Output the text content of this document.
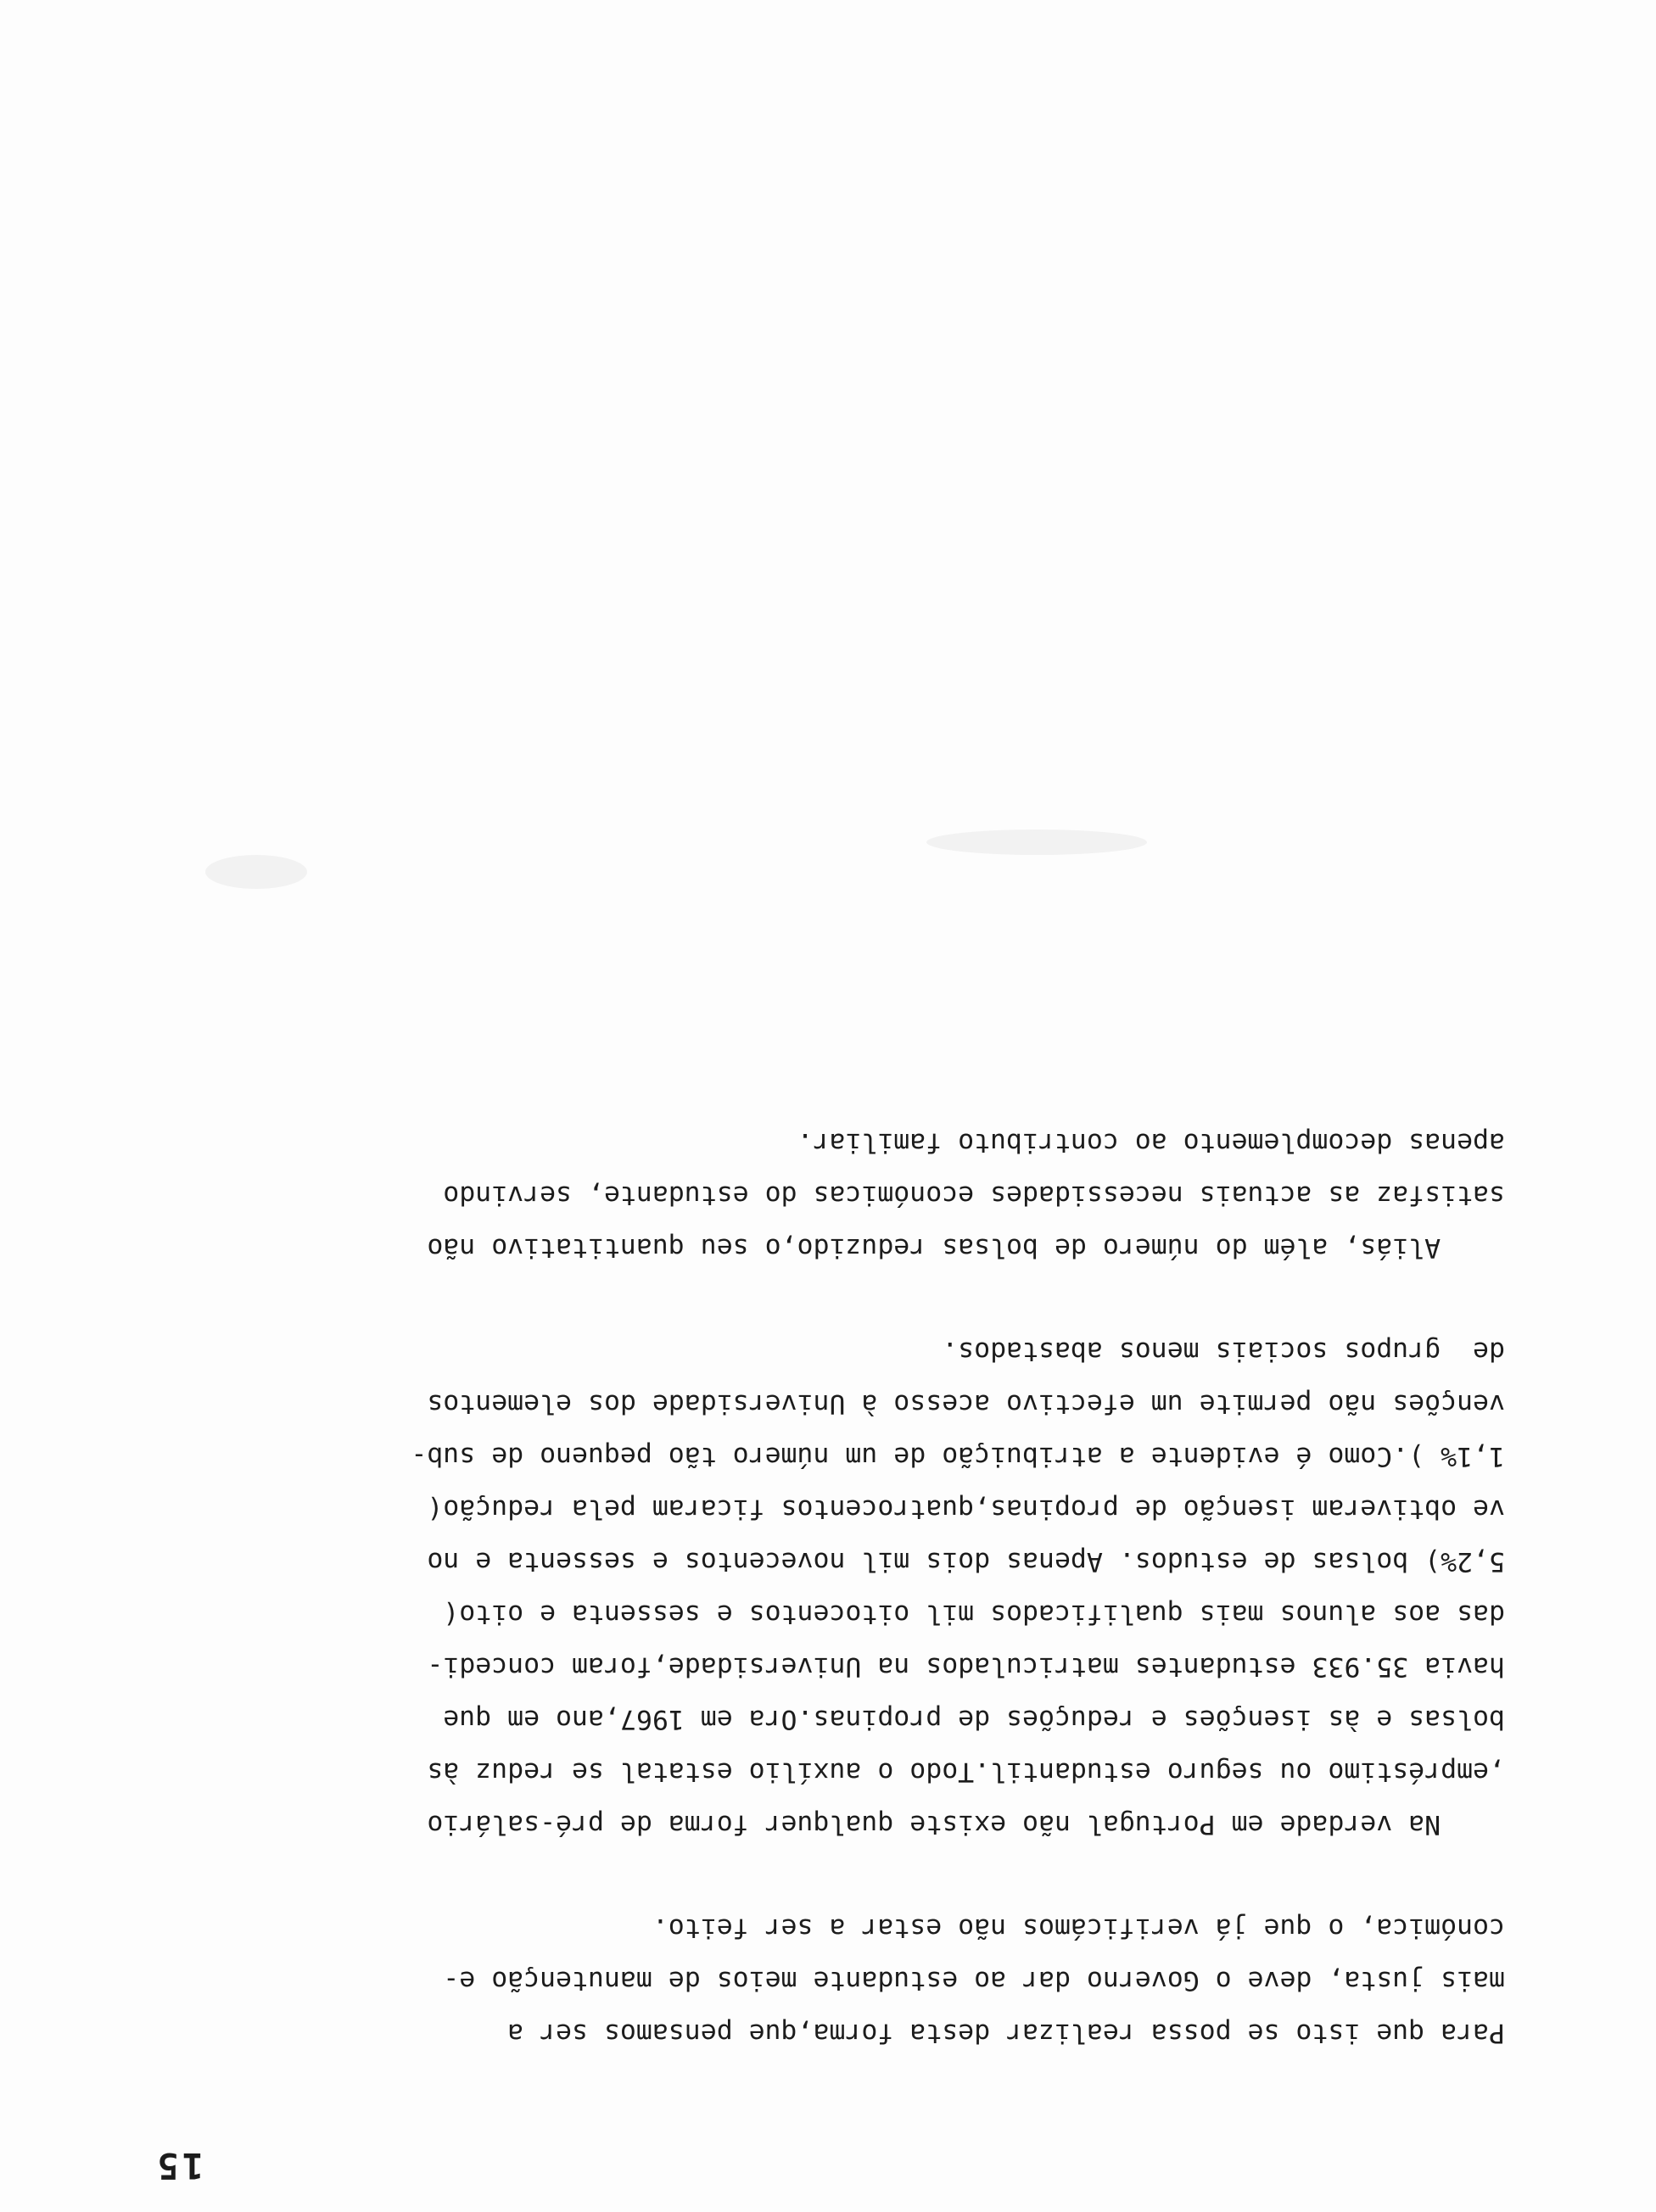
15
Para que isto se possa realizar desta forma,que pensamos ser a
mais justa, deve o Governo dar ao estudante meios de manutenção e-
conómica, o que já verificámos não estar a ser feito.
Na verdade em Portugal não existe qualquer forma de pré-salário
,empréstimo ou seguro estudantil.Todo o auxílio estatal se reduz às
bolsas e às isenções e reduções de propinas.Ora em 1967,ano em que
havia 35.933 estudantes matriculados na Universidade,foram concedi-
das aos alunos mais qualificados mil oitocentos e sessenta e oito(
5,2%) bolsas de estudos. Apenas dois mil novecentos e sessenta e no
ve obtiveram isenção de propinas,quatrocentos ficaram pela redução(
1,1% ).Como é evidente a atribuição de um número tão pequeno de sub-
venções não permite um efectivo acesso à Universidade dos elementos
de  grupos sociais menos abastados.
Aliás, além do número de bolsas reduzido,o seu quantitativo não
satisfaz as actuais necessidades económicas do estudante, servindo
apenas decomplemento ao contributo familiar.
